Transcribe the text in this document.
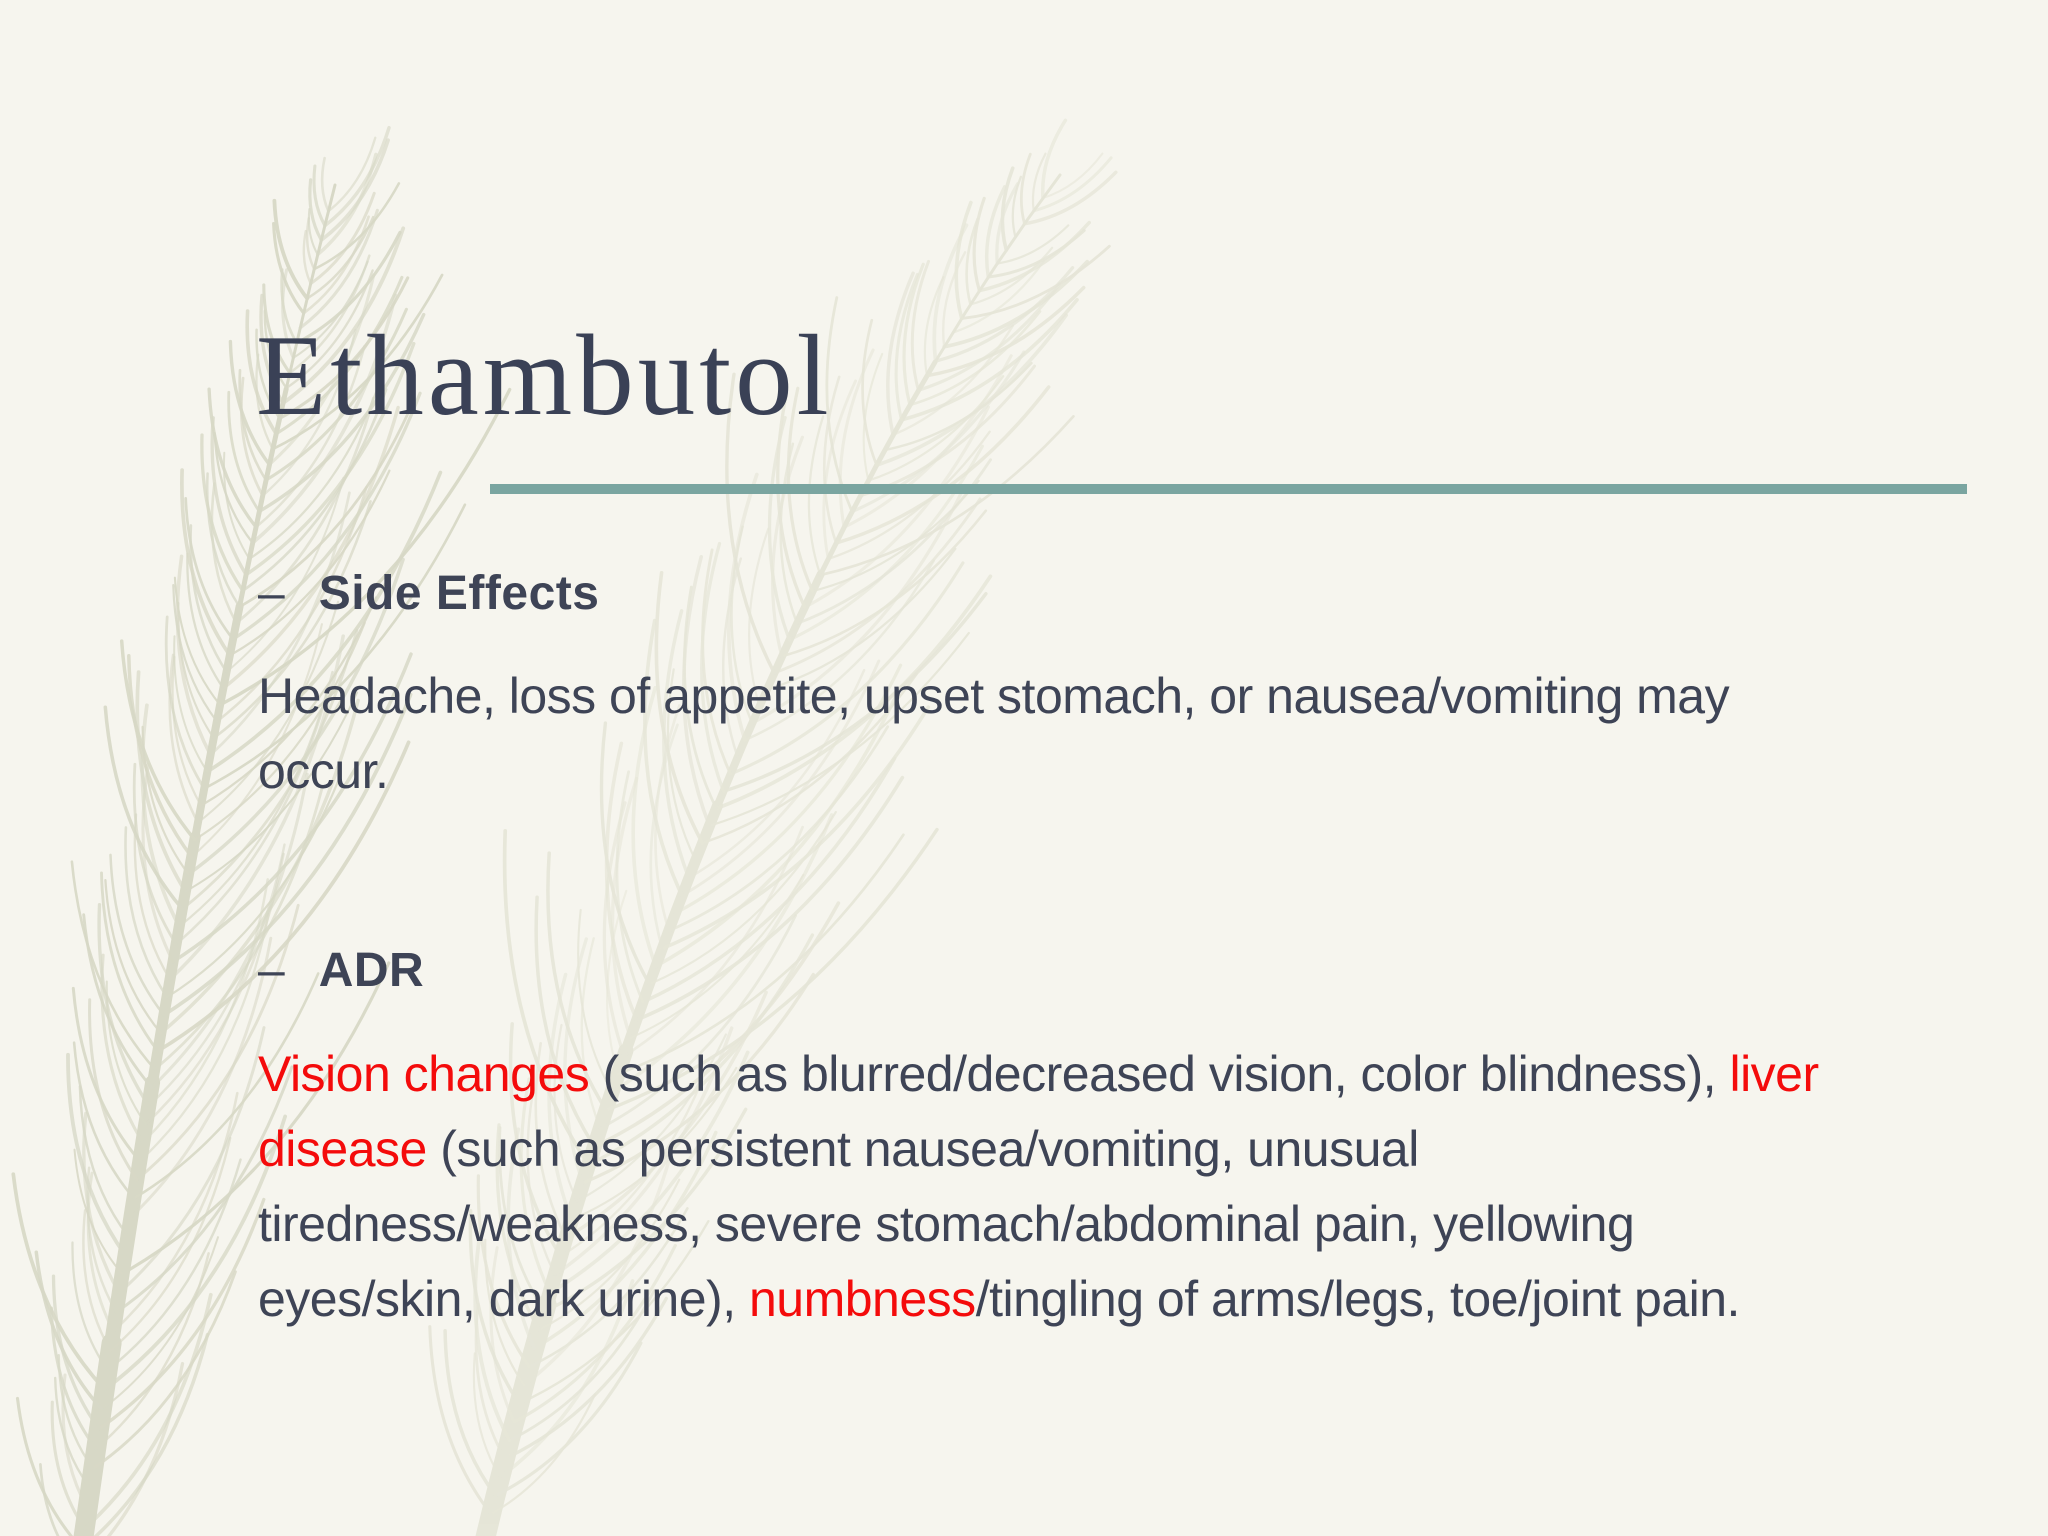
Ethambutol
– Side Effects

Headache, loss of appetite, upset stomach, or nausea/vomiting may
occur.

– ADR

Vision changes (such as blurred/decreased vision, color blindness), liver
disease (such as persistent nausea/vomiting, unusual
tiredness/weakness, severe stomach/abdominal pain, yellowing
eyes/skin, dark urine), numbness/tingling of arms/legs, toe/joint pain.
